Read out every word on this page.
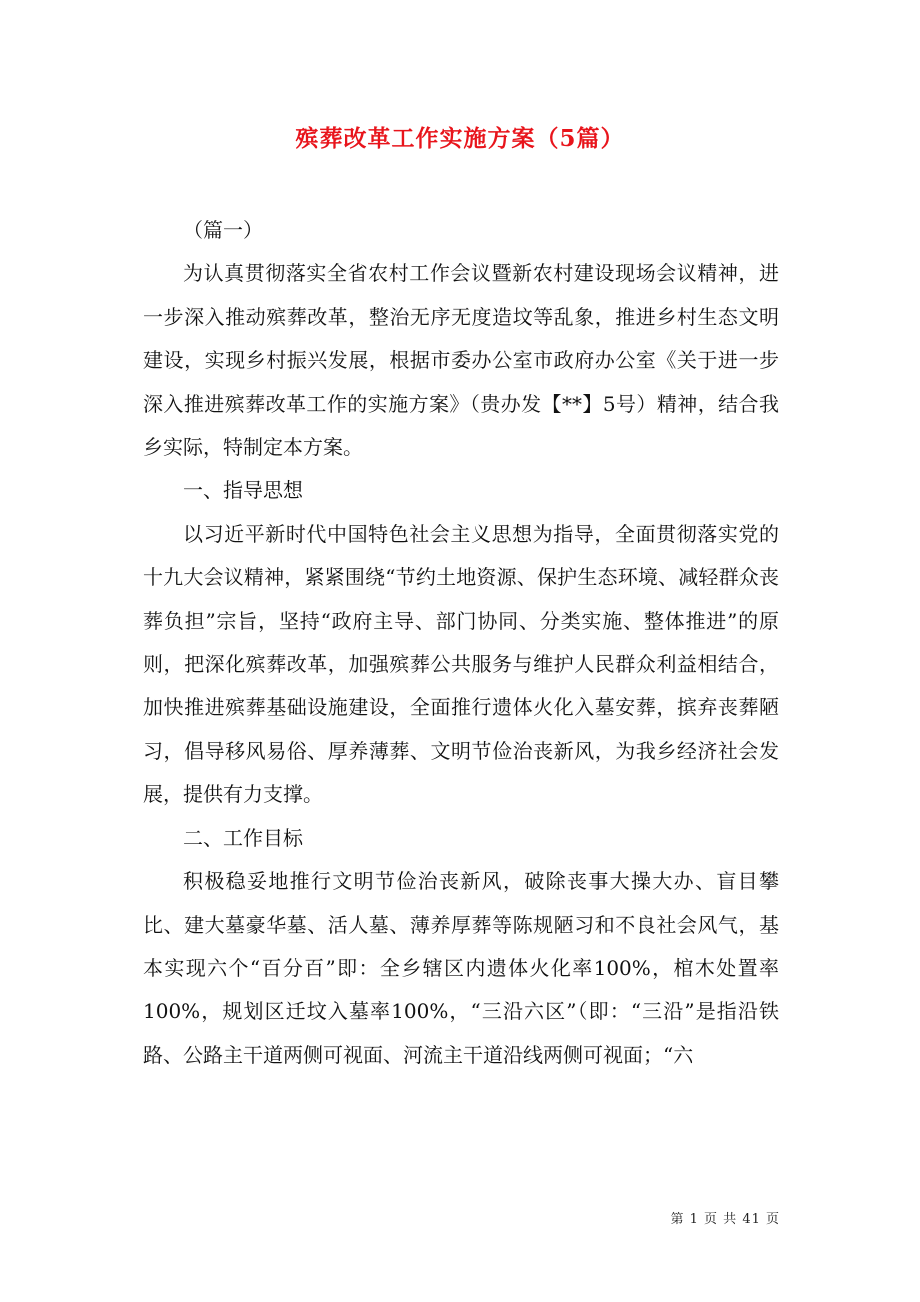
殡葬改革工作实施方案（5篇）

（篇一）

为认真贯彻落实全省农村工作会议暨新农村建设现场会议精神，进一步深入推动殡葬改革，整治无序无度造坟等乱象，推进乡村生态文明建设，实现乡村振兴发展，根据市委办公室市政府办公室《关于进一步深入推进殡葬改革工作的实施方案》（贵办发【**】5号）精神，结合我乡实际，特制定本方案。

一、指导思想

以习近平新时代中国特色社会主义思想为指导，全面贯彻落实党的十九大会议精神，紧紧围绕“节约土地资源、保护生态环境、减轻群众丧葬负担”宗旨，坚持“政府主导、部门协同、分类实施、整体推进”的原则，把深化殡葬改革，加强殡葬公共服务与维护人民群众利益相结合，加快推进殡葬基础设施建设，全面推行遗体火化入墓安葬，摈弃丧葬陋习，倡导移风易俗、厚养薄葬、文明节俭治丧新风，为我乡经济社会发展，提供有力支撑。

二、工作目标

积极稳妥地推行文明节俭治丧新风，破除丧事大操大办、盲目攀比、建大墓豪华墓、活人墓、薄养厚葬等陈规陋习和不良社会风气，基本实现六个“百分百”即：全乡辖区内遗体火化率100%，棺木处置率100%，规划区迁坟入墓率100%，“三沿六区”（即：“三沿”是指沿铁路、公路主干道两侧可视面、河流主干道沿线两侧可视面；“六

第 1 页 共 41 页
